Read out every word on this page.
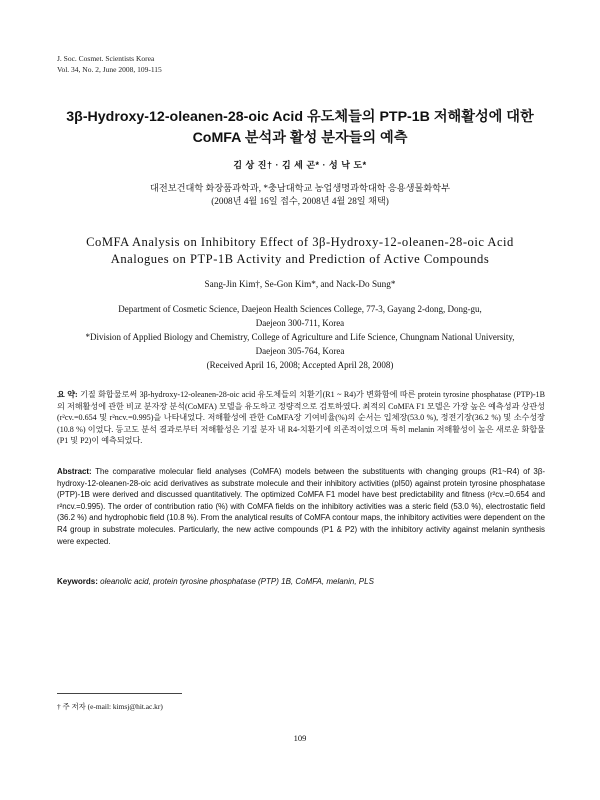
J. Soc. Cosmet. Scientists Korea
Vol. 34, No. 2, June 2008, 109-115
3β-Hydroxy-12-oleanen-28-oic Acid 유도체들의 PTP-1B 저해활성에 대한
CoMFA 분석과 활성 분자들의 예측
김 상 진† · 김 세 곤* · 성 낙 도*
대전보건대학 화장품과학과, *충남대학교 농업생명과학대학 응용생물화학부
(2008년 4월 16일 접수, 2008년 4월 28일 채택)
CoMFA Analysis on Inhibitory Effect of 3β-Hydroxy-12-oleanen-28-oic Acid
Analogues on PTP-1B Activity and Prediction of Active Compounds
Sang-Jin Kim†, Se-Gon Kim*, and Nack-Do Sung*

Department of Cosmetic Science, Daejeon Health Sciences College, 77-3, Gayang 2-dong, Dong-gu,

Daejeon 300-711, Korea

*Division of Applied Biology and Chemistry, College of Agriculture and Life Science, Chungnam National University,

Daejeon 305-764, Korea

(Received April 16, 2008; Accepted April 28, 2008)

요 약: 기질 화합물로써 3β-hydroxy-12-oleanen-28-oic acid 유도체들의 치환기(R1 ~ R4)가 변화함에 따른 protein tyrosine phosphatase (PTP)-1B의 저해활성에 관한 비교 분자장 분석(CoMFA) 모델을 유도하고 정량적으로 검토하였다. 최적의 CoMFA F1 모델은 가장 높은 예측성과 상관성(r²cv.=0.654 및 r²ncv.=0.995)을 나타내었다. 저해활성에 관한 CoMFA장 기여비율(%)의 순서는 입체장(53.0 %), 정전기장(36.2 %) 및 소수성장(10.8 %) 이었다. 등고도 분석 결과로부터 저해활성은 기질 분자 내 R4-치환기에 의존적이었으며 특히 melanin 저해활성이 높은 새로운 화합물(P1 및 P2)이 예측되었다.
Abstract: The comparative molecular field analyses (CoMFA) models between the substituents with changing groups (R1~R4) of 3β-hydroxy-12-oleanen-28-oic acid derivatives as substrate molecule and their inhibitory activities (pI50) against protein tyrosine phosphatase (PTP)-1B were derived and discussed quantitatively. The optimized CoMFA F1 model have best predictability and fitness (r²cv.=0.654 and r²ncv.=0.995). The order of contribution ratio (%) with CoMFA fields on the inhibitory activities was a steric field (53.0 %), electrostatic field (36.2 %) and hydrophobic field (10.8 %). From the analytical results of CoMFA contour maps, the inhibitory activities were dependent on the R4 group in substrate molecules. Particularly, the new active compounds (P1 & P2) with the inhibitory activity against melanin synthesis were expected.
Keywords: oleanolic acid, protein tyrosine phosphatase (PTP) 1B, CoMFA, melanin, PLS
† 주 저자 (e-mail: kimsj@hit.ac.kr)
109
